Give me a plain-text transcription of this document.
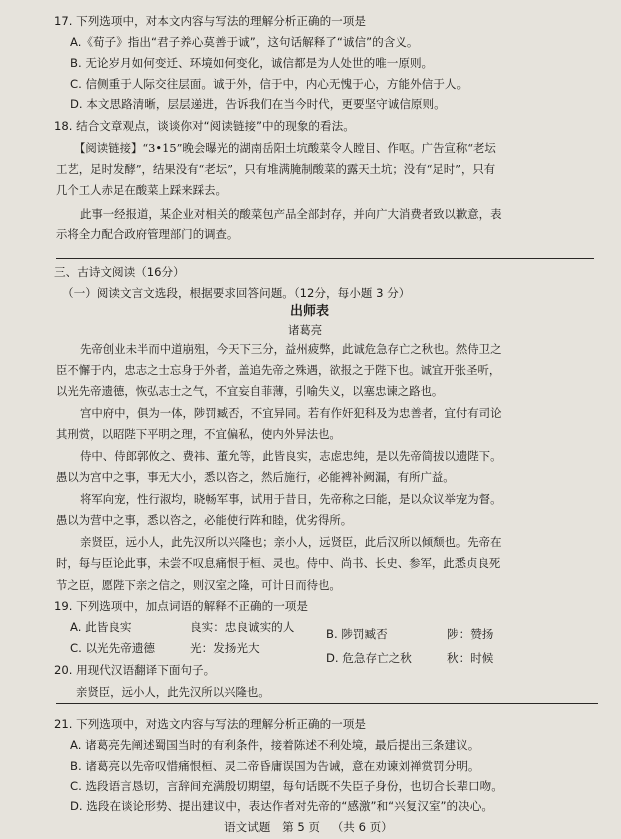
17. 下列选项中，对本文内容与写法的理解分析正确的一项是
A.《荀子》指出“君子养心莫善于诚”，这句话解释了“诚信”的含义。
B. 无论岁月如何变迁、环境如何变化，诚信都是为人处世的唯一原则。
C. 信侧重于人际交往层面。诚于外，信于中，内心无愧于心，方能外信于人。
D. 本文思路清晰，层层递进，告诉我们在当今时代，更要坚守诚信原则。
18. 结合文章观点，谈谈你对“阅读链接”中的现象的看法。
【阅读链接】“3•15”晚会曝光的湖南岳阳土坑酸菜令人瞠目、作呕。广告宣称“老坛
工艺，足时发酵”，结果没有“老坛”，只有堆满腌制酸菜的露天土坑；没有“足时”，只有
几个工人赤足在酸菜上踩来踩去。
此事一经报道，某企业对相关的酸菜包产品全部封存，并向广大消费者致以歉意，表
示将全力配合政府管理部门的调查。
三、古诗文阅读（16分）
（一）阅读文言文选段，根据要求回答问题。（12分，每小题 3 分）
出师表
诸葛亮
先帝创业未半而中道崩殂，今天下三分，益州疲弊，此诚危急存亡之秋也。然侍卫之
臣不懈于内，忠志之士忘身于外者，盖追先帝之殊遇，欲报之于陛下也。诚宜开张圣听，
以光先帝遗德，恢弘志士之气，不宜妄自菲薄，引喻失义，以塞忠谏之路也。
宫中府中，俱为一体，陟罚臧否，不宜异同。若有作奸犯科及为忠善者，宜付有司论
其刑赏，以昭陛下平明之理，不宜偏私，使内外异法也。
侍中、侍郎郭攸之、费祎、董允等，此皆良实，志虑忠纯，是以先帝简拔以遗陛下。
愚以为宫中之事，事无大小，悉以咨之，然后施行，必能裨补阙漏，有所广益。
将军向宠，性行淑均，晓畅军事，试用于昔日，先帝称之曰能，是以众议举宠为督。
愚以为营中之事，悉以咨之，必能使行阵和睦，优劣得所。
亲贤臣，远小人，此先汉所以兴隆也；亲小人，远贤臣，此后汉所以倾颓也。先帝在
时，每与臣论此事，未尝不叹息痛恨于桓、灵也。侍中、尚书、长史、参军，此悉贞良死
节之臣，愿陛下亲之信之，则汉室之隆，可计日而待也。
19. 下列选项中，加点词语的解释不正确的一项是
A. 此皆良实	良实：忠良诚实的人	B. 陟罚臧否	陟：赞扬
C. 以光先帝遗德	光：发扬光大
D. 危急存亡之秋	秋：时候
20. 用现代汉语翻译下面句子。
亲贤臣，远小人，此先汉所以兴隆也。
21. 下列选项中，对选文内容与写法的理解分析正确的一项是
A. 诸葛亮先阐述蜀国当时的有利条件，接着陈述不利处境，最后提出三条建议。
B. 诸葛亮以先帝叹惜痛恨桓、灵二帝昏庸误国为告诫，意在劝谏刘禅赏罚分明。
C. 选段语言恳切，言辞间充满殷切期望，每句话既不失臣子身份，也切合长辈口吻。
D. 选段在谈论形势、提出建议中，表达作者对先帝的“感激”和“兴复汉室”的决心。
语文试题 第 5 页 （共 6 页）
